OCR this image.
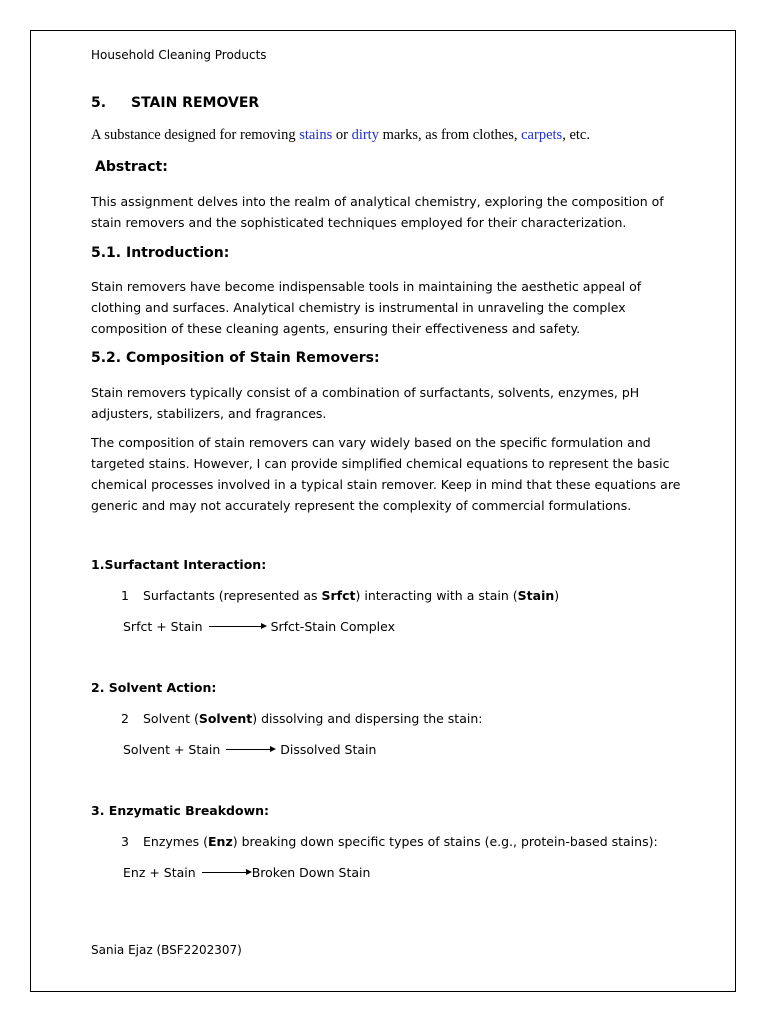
Household Cleaning Products
5. STAIN REMOVER
A substance designed for removing stains or dirty marks, as from clothes, carpets, etc.
Abstract:
This assignment delves into the realm of analytical chemistry, exploring the composition of stain removers and the sophisticated techniques employed for their characterization.
5.1. Introduction:
Stain removers have become indispensable tools in maintaining the aesthetic appeal of clothing and surfaces. Analytical chemistry is instrumental in unraveling the complex composition of these cleaning agents, ensuring their effectiveness and safety.
5.2. Composition of Stain Removers:
Stain removers typically consist of a combination of surfactants, solvents, enzymes, pH adjusters, stabilizers, and fragrances.
The composition of stain removers can vary widely based on the specific formulation and targeted stains. However, I can provide simplified chemical equations to represent the basic chemical processes involved in a typical stain remover. Keep in mind that these equations are generic and may not accurately represent the complexity of commercial formulations.
1.Surfactant Interaction:
1 Surfactants (represented as Srfct) interacting with a stain (Stain)
Srfct + Stain	Srfct-Stain Complex
2. Solvent Action:
2 Solvent (Solvent) dissolving and dispersing the stain:
Solvent + Stain → Dissolved Stain
3. Enzymatic Breakdown:
3 Enzymes (Enz) breaking down specific types of stains (e.g., protein-based stains):
Enz + Stain → Broken Down Stain
Sania Ejaz (BSF2202307)
